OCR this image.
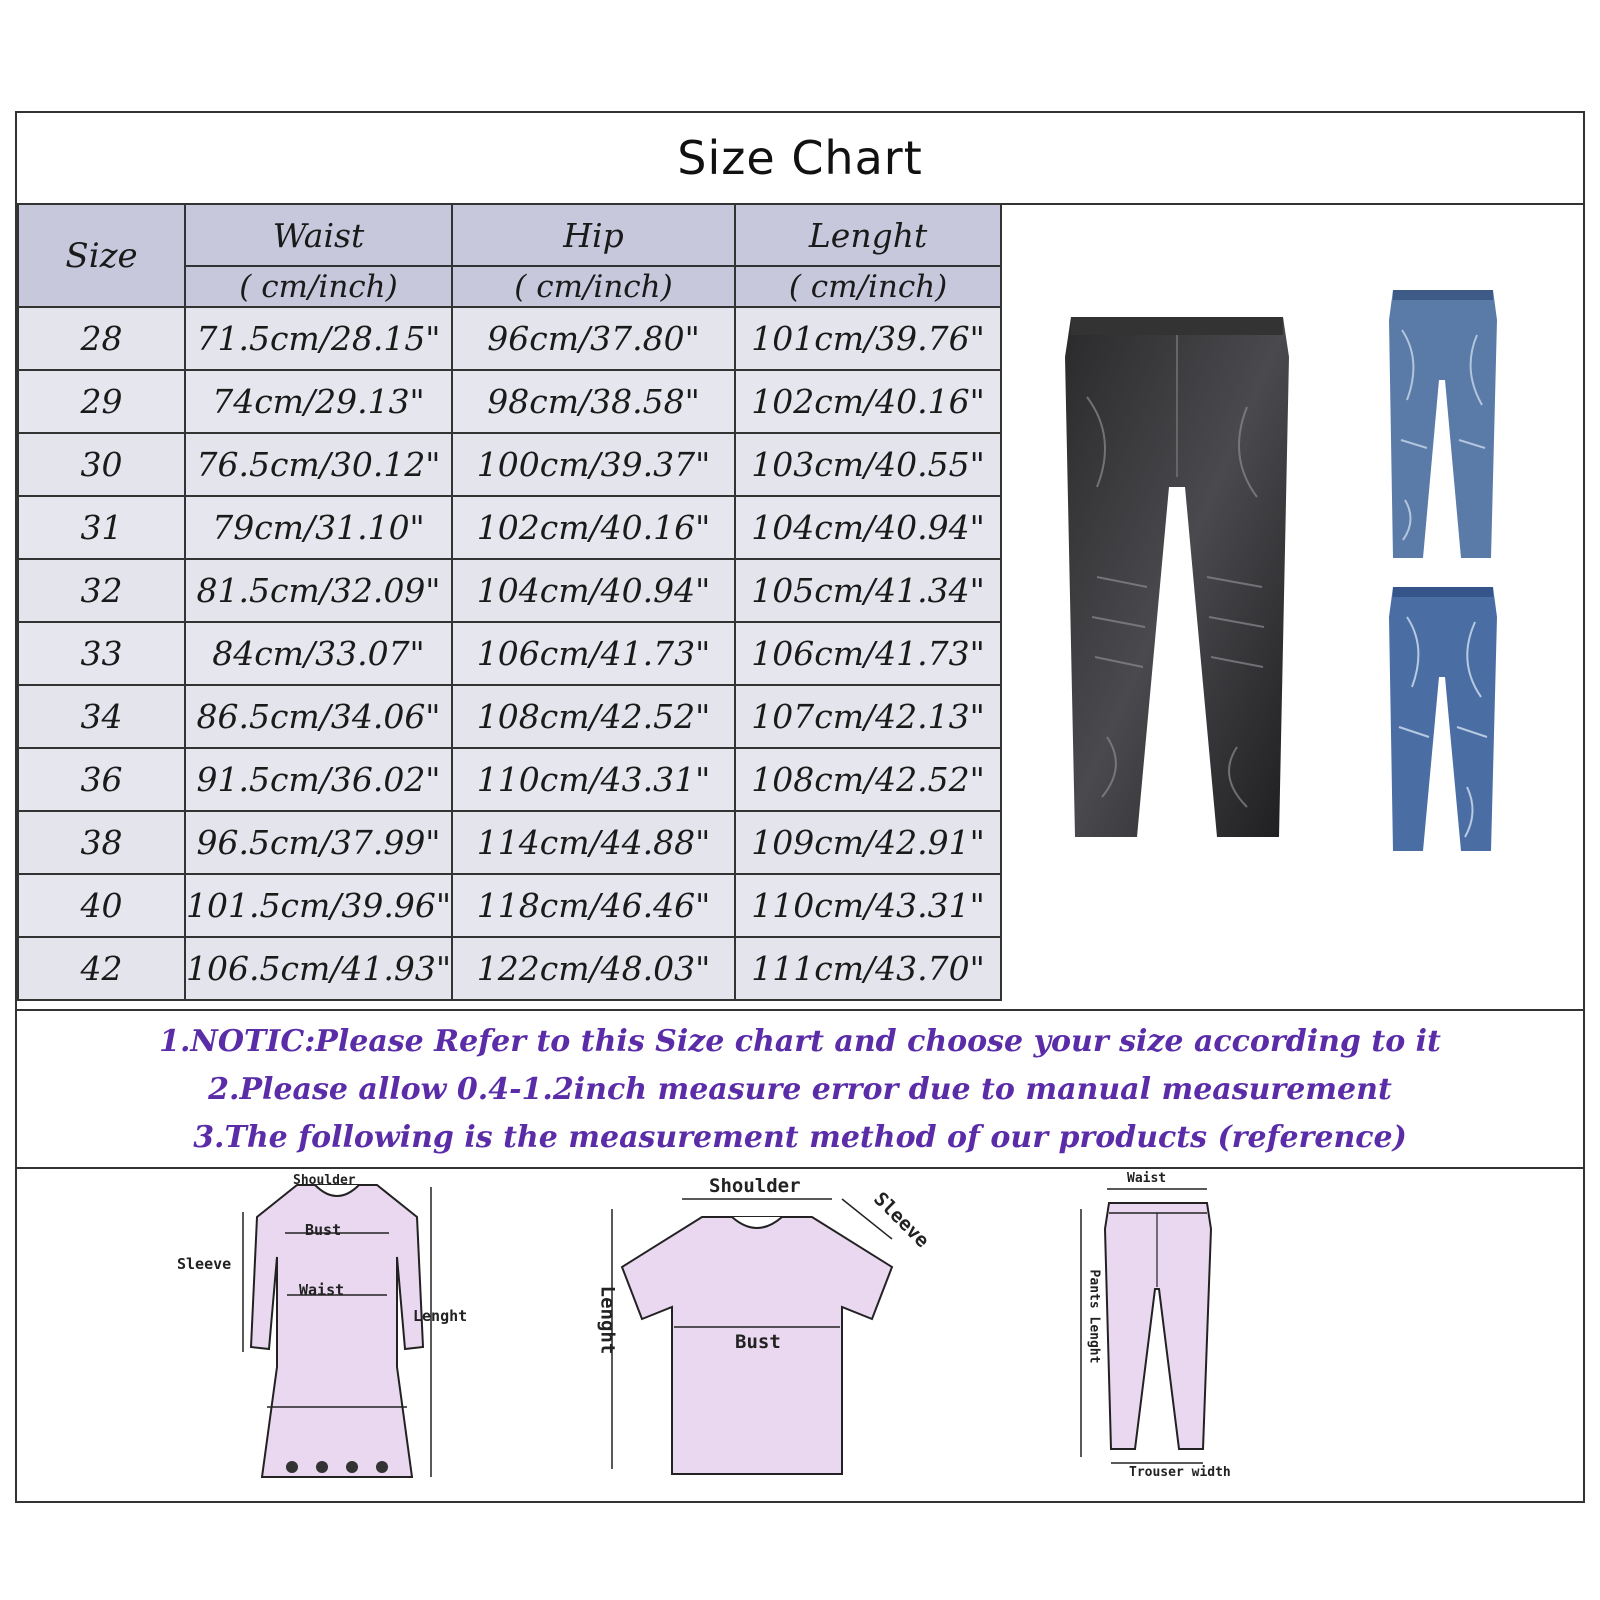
Size Chart
Size	Waist	Hip	Lenght
	( cm/inch)	( cm/inch)	( cm/inch)
28	71.5cm/28.15"	96cm/37.80"	101cm/39.76"
29	74cm/29.13"	98cm/38.58"	102cm/40.16"
30	76.5cm/30.12"	100cm/39.37"	103cm/40.55"
31	79cm/31.10"	102cm/40.16"	104cm/40.94"
32	81.5cm/32.09"	104cm/40.94"	105cm/41.34"
33	84cm/33.07"	106cm/41.73"	106cm/41.73"
34	86.5cm/34.06"	108cm/42.52"	107cm/42.13"
36	91.5cm/36.02"	110cm/43.31"	108cm/42.52"
38	96.5cm/37.99"	114cm/44.88"	109cm/42.91"
40	101.5cm/39.96"	118cm/46.46"	110cm/43.31"
42	106.5cm/41.93"	122cm/48.03"	111cm/43.70"
1.NOTIC:Please Refer to this Size chart and choose your size according to it
2.Please allow 0.4-1.2inch measure error due to manual measurement
3.The following is the measurement method of our products (reference)
Shoulder
Bust
Sleeve
Waist
Lenght
Shoulder
Sleeve
Lenght	Bust
Waist
Pants Lenght
Trouser width
